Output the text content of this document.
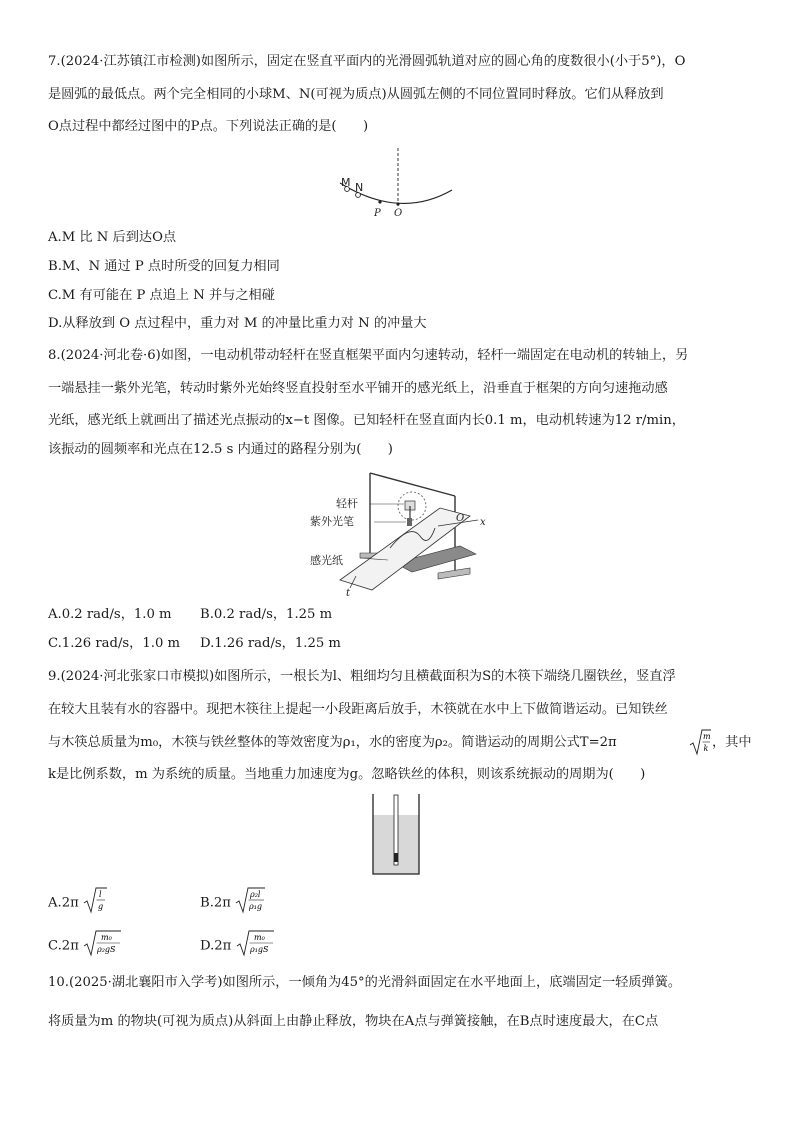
7.(2024·江苏镇江市检测)如图所示，固定在竖直平面内的光滑圆弧轨道对应的圆心角的度数很小(小于5°)，O
是圆弧的最低点。两个完全相同的小球M、N(可视为质点)从圆弧左侧的不同位置同时释放。它们从释放到
O点过程中都经过图中的P点。下列说法正确的是(　　)
M N
P O
A.M 比 N 后到达O点
B.M、N 通过 P 点时所受的回复力相同
C.M 有可能在 P 点追上 N 并与之相碰
D.从释放到 O 点过程中，重力对 M 的冲量比重力对 N 的冲量大
8.(2024·河北卷·6)如图，一电动机带动轻杆在竖直框架平面内匀速转动，轻杆一端固定在电动机的转轴上，另
一端悬挂一紫外光笔，转动时紫外光始终竖直投射至水平铺开的感光纸上，沿垂直于框架的方向匀速拖动感
光纸，感光纸上就画出了描述光点振动的x−t 图像。已知轻杆在竖直面内长0.1 m，电动机转速为12 r/min，
该振动的圆频率和光点在12.5 s 内通过的路程分别为(　　)
轻杆
紫外光笔
感光纸
O x
t
A.0.2 rad/s，1.0 m B.0.2 rad/s，1.25 m
C.1.26 rad/s，1.0 m D.1.26 rad/s，1.25 m
9.(2024·河北张家口市模拟)如图所示，一根长为l、粗细均匀且横截面积为S的木筷下端绕几圈铁丝，竖直浮
在较大且装有水的容器中。现把木筷往上提起一小段距离后放手，木筷就在水中上下做简谐运动。已知铁丝
与木筷总质量为m₀，木筷与铁丝整体的等效密度为ρ₁，水的密度为ρ₂。简谐运动的周期公式T=2π	m
k ，其中
k是比例系数，m 为系统的质量。当地重力加速度为g。忽略铁丝的体积，则该系统振动的周期为(　　)
A.2π
l
g	B.2π
ρ₂l
ρ₁g
C.2π
m₀
ρ₂gS	D.2π
m₀
ρ₁gS
10.(2025·湖北襄阳市入学考)如图所示，一倾角为45°的光滑斜面固定在水平地面上，底端固定一轻质弹簧。
将质量为m 的物块(可视为质点)从斜面上由静止释放，物块在A点与弹簧接触，在B点时速度最大，在C点
